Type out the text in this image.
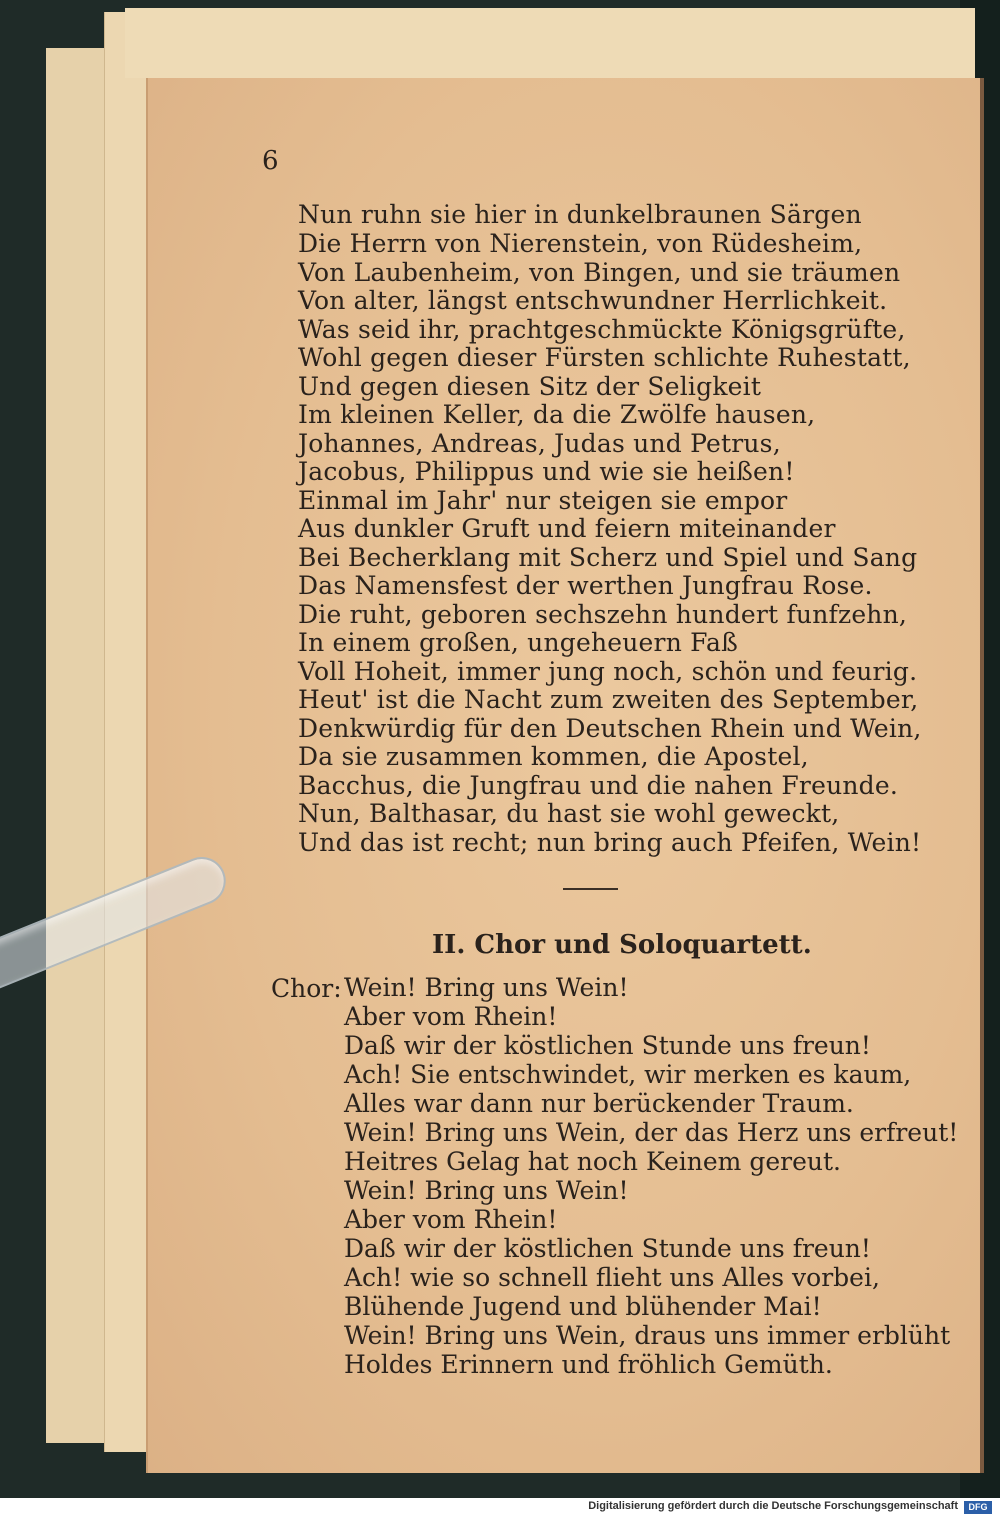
6
Nun ruhn sie hier in dunkelbraunen Särgen
Die Herrn von Nierenstein, von Rüdesheim,
Von Laubenheim, von Bingen, und sie träumen
Von alter, längst entschwundner Herrlichkeit.
Was seid ihr, prachtgeschmückte Königsgrüfte,
Wohl gegen dieser Fürsten schlichte Ruhestatt,
Und gegen diesen Sitz der Seligkeit
Im kleinen Keller, da die Zwölfe hausen,
Johannes, Andreas, Judas und Petrus,
Jacobus, Philippus und wie sie heißen!
Einmal im Jahr' nur steigen sie empor
Aus dunkler Gruft und feiern miteinander
Bei Becherklang mit Scherz und Spiel und Sang
Das Namensfest der werthen Jungfrau Rose.
Die ruht, geboren sechszehn hundert funfzehn,
In einem großen, ungeheuern Faß
Voll Hoheit, immer jung noch, schön und feurig.
Heut' ist die Nacht zum zweiten des September,
Denkwürdig für den Deutschen Rhein und Wein,
Da sie zusammen kommen, die Apostel,
Bacchus, die Jungfrau und die nahen Freunde.
Nun, Balthasar, du hast sie wohl geweckt,
Und das ist recht; nun bring auch Pfeifen, Wein!
II. Chor und Soloquartett.
Chor: Wein! Bring uns Wein!
Aber vom Rhein!
Daß wir der köstlichen Stunde uns freun!
Ach! Sie entschwindet, wir merken es kaum,
Alles war dann nur berückender Traum.
Wein! Bring uns Wein, der das Herz uns erfreut!
Heitres Gelag hat noch Keinem gereut.
Wein! Bring uns Wein!
Aber vom Rhein!
Daß wir der köstlichen Stunde uns freun!
Ach! wie so schnell flieht uns Alles vorbei,
Blühende Jugend und blühender Mai!
Wein! Bring uns Wein, draus uns immer erblüht
Holdes Erinnern und fröhlich Gemüth.
Digitalisierung gefördert durch die Deutsche Forschungsgemeinschaft	DFG
